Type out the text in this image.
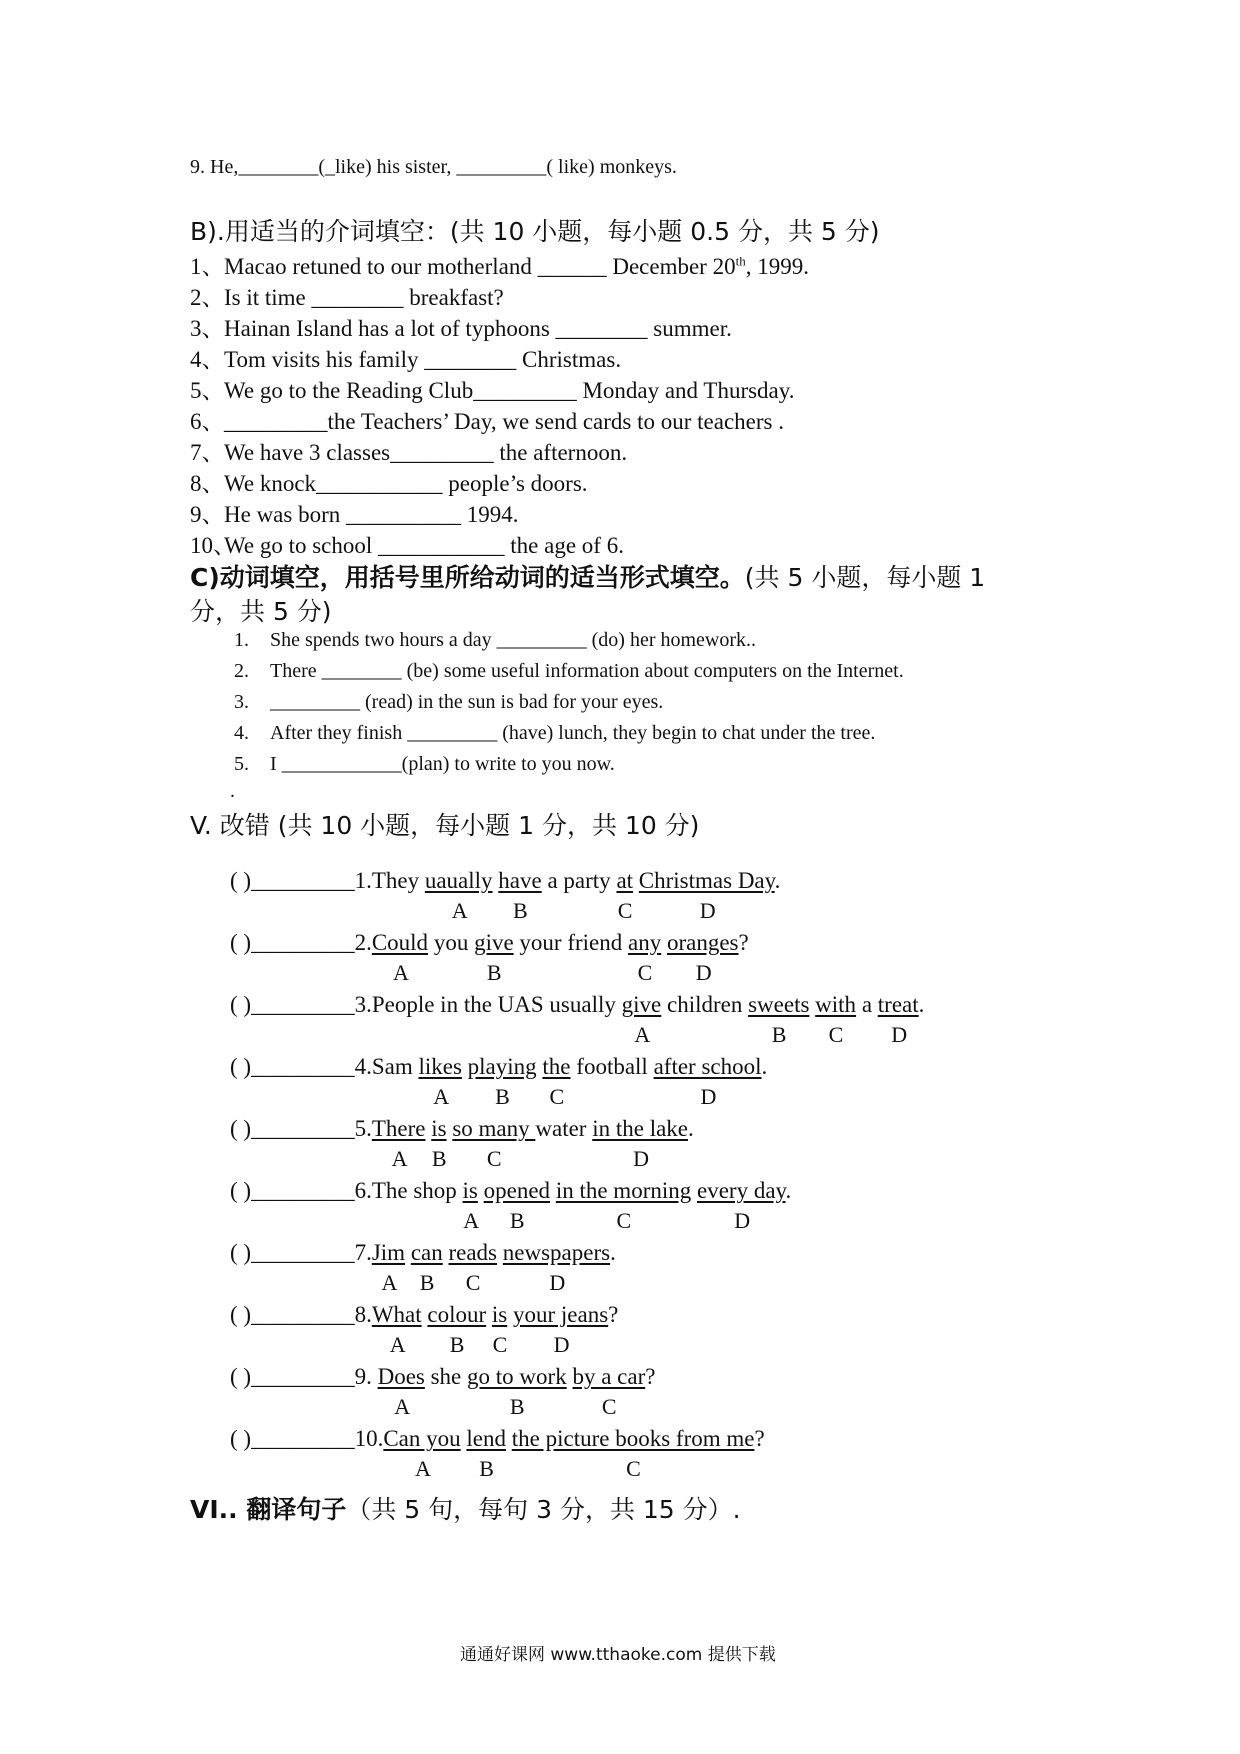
9. He,________(_like) his sister, _________( like) monkeys.
B).用适当的介词填空：(共 10 小题，每小题 0.5 分，共 5 分)
1、Macao retuned to our motherland ______ December 20th, 1999.
2、Is it time ________ breakfast?
3、Hainan Island has a lot of typhoons ________ summer.
4、Tom visits his family ________ Christmas.
5、We go to the Reading Club_________ Monday and Thursday.
6、_________the Teachers’ Day, we send cards to our teachers .
7、We have 3 classes_________ the afternoon.
8、We knock___________ people’s doors.
9、He was born __________ 1994.
10、We go to school ___________ the age of 6.
C)动词填空，用括号里所给动词的适当形式填空。(共 5 小题，每小题 1
分，共 5 分)
1. She spends two hours a day _________ (do) her homework..
2. There ________ (be) some useful information about computers on the Internet.
3. _________ (read) in the sun is bad for your eyes.
4. After they finish _________ (have) lunch, they begin to chat under the tree.
5. I ____________(plan) to write to you now.
.
V. 改错 (共 10 小题，每小题 1 分，共 10 分)
( )_________1.They uaually have a party at Christmas Day.
A B	C	D
( )_________2.Could you give your friend any oranges?
A	B	C D
( )_________3.People in the UAS usually give children sweets with a treat.
A	B C D
( )_________4.Sam likes playing the football after school.
A B C	D
( )_________5.There is so many water in the lake.
A B C	D
( )_________6.The shop is opened in the morning every day.
A B	C	D
( )_________7.Jim can reads newspapers.
A B C	D
( )_________8.What colour is your jeans?
A B C D
( )_________9. Does she go to work by a car?
A	B	C
( )_________10.Can you lend the picture books from me?
A B	C
VI.. 翻译句子（共 5 句，每句 3 分，共 15 分）.
通通好课网 www.tthaoke.com 提供下载
